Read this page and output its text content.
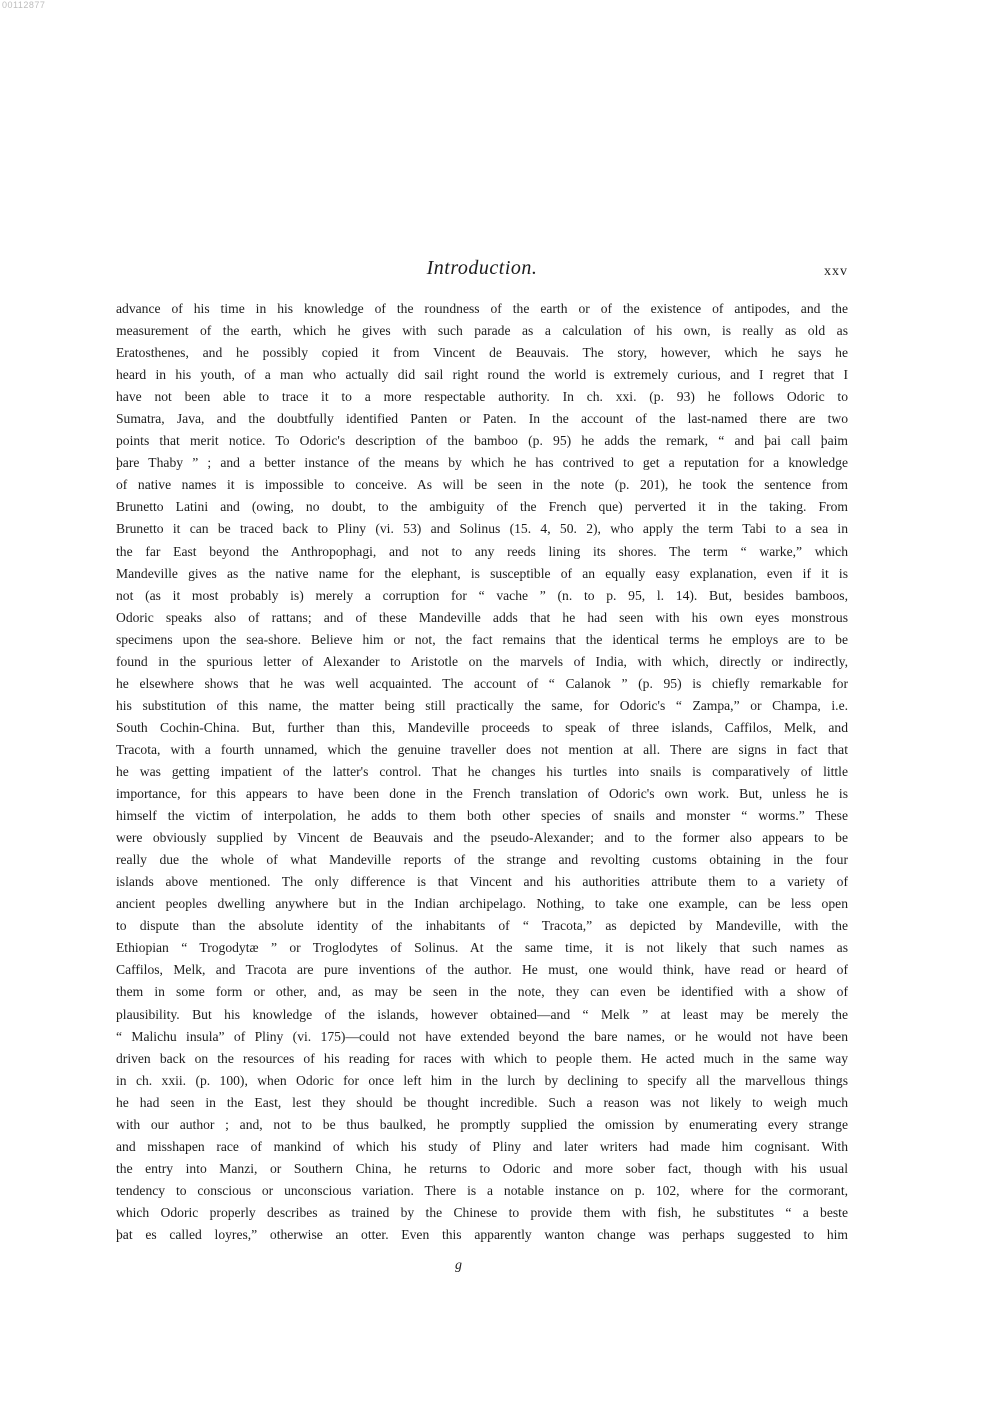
00112877
Introduction.	xxv
advance of his time in his knowledge of the roundness of the earth or of the existence of antipodes, and the
measurement of the earth, which he gives with such parade as a calculation of his own, is really as old as
Eratosthenes, and he possibly copied it from Vincent de Beauvais. The story, however, which he says he
heard in his youth, of a man who actually did sail right round the world is extremely curious, and I regret that I
have not been able to trace it to a more respectable authority. In ch. xxi. (p. 93) he follows Odoric to
Sumatra, Java, and the doubtfully identified Panten or Paten. In the account of the last-named there are two
points that merit notice. To Odoric's description of the bamboo (p. 95) he adds the remark, “ and þai call þaim
þare Thaby ” ; and a better instance of the means by which he has contrived to get a reputation for a knowledge
of native names it is impossible to conceive. As will be seen in the note (p. 201), he took the sentence from
Brunetto Latini and (owing, no doubt, to the ambiguity of the French que) perverted it in the taking. From
Brunetto it can be traced back to Pliny (vi. 53) and Solinus (15. 4, 50. 2), who apply the term Tabi to a sea in
the far East beyond the Anthropophagi, and not to any reeds lining its shores. The term “ warke,” which
Mandeville gives as the native name for the elephant, is susceptible of an equally easy explanation, even if it is
not (as it most probably is) merely a corruption for “ vache ” (n. to p. 95, l. 14). But, besides bamboos,
Odoric speaks also of rattans; and of these Mandeville adds that he had seen with his own eyes monstrous
specimens upon the sea-shore. Believe him or not, the fact remains that the identical terms he employs are to be
found in the spurious letter of Alexander to Aristotle on the marvels of India, with which, directly or indirectly,
he elsewhere shows that he was well acquainted. The account of “ Calanok ” (p. 95) is chiefly remarkable for
his substitution of this name, the matter being still practically the same, for Odoric's “ Zampa,” or Champa, i.e.
South Cochin-China. But, further than this, Mandeville proceeds to speak of three islands, Caffilos, Melk, and
Tracota, with a fourth unnamed, which the genuine traveller does not mention at all. There are signs in fact that
he was getting impatient of the latter's control. That he changes his turtles into snails is comparatively of little
importance, for this appears to have been done in the French translation of Odoric's own work. But, unless he is
himself the victim of interpolation, he adds to them both other species of snails and monster “ worms.” These
were obviously supplied by Vincent de Beauvais and the pseudo-Alexander; and to the former also appears to be
really due the whole of what Mandeville reports of the strange and revolting customs obtaining in the four
islands above mentioned. The only difference is that Vincent and his authorities attribute them to a variety of
ancient peoples dwelling anywhere but in the Indian archipelago. Nothing, to take one example, can be less open
to dispute than the absolute identity of the inhabitants of “ Tracota,” as depicted by Mandeville, with the
Ethiopian “ Trogodytæ ” or Troglodytes of Solinus. At the same time, it is not likely that such names as
Caffilos, Melk, and Tracota are pure inventions of the author. He must, one would think, have read or heard of
them in some form or other, and, as may be seen in the note, they can even be identified with a show of
plausibility. But his knowledge of the islands, however obtained—and “ Melk ” at least may be merely the
“ Malichu insula” of Pliny (vi. 175)—could not have extended beyond the bare names, or he would not have been
driven back on the resources of his reading for races with which to people them. He acted much in the same way
in ch. xxii. (p. 100), when Odoric for once left him in the lurch by declining to specify all the marvellous things
he had seen in the East, lest they should be thought incredible. Such a reason was not likely to weigh much
with our author ; and, not to be thus baulked, he promptly supplied the omission by enumerating every strange
and misshapen race of mankind of which his study of Pliny and later writers had made him cognisant. With
the entry into Manzi, or Southern China, he returns to Odoric and more sober fact, though with his usual
tendency to conscious or unconscious variation. There is a notable instance on p. 102, where for the cormorant,
which Odoric properly describes as trained by the Chinese to provide them with fish, he substitutes “ a beste
þat es called loyres,” otherwise an otter. Even this apparently wanton change was perhaps suggested to him
g
